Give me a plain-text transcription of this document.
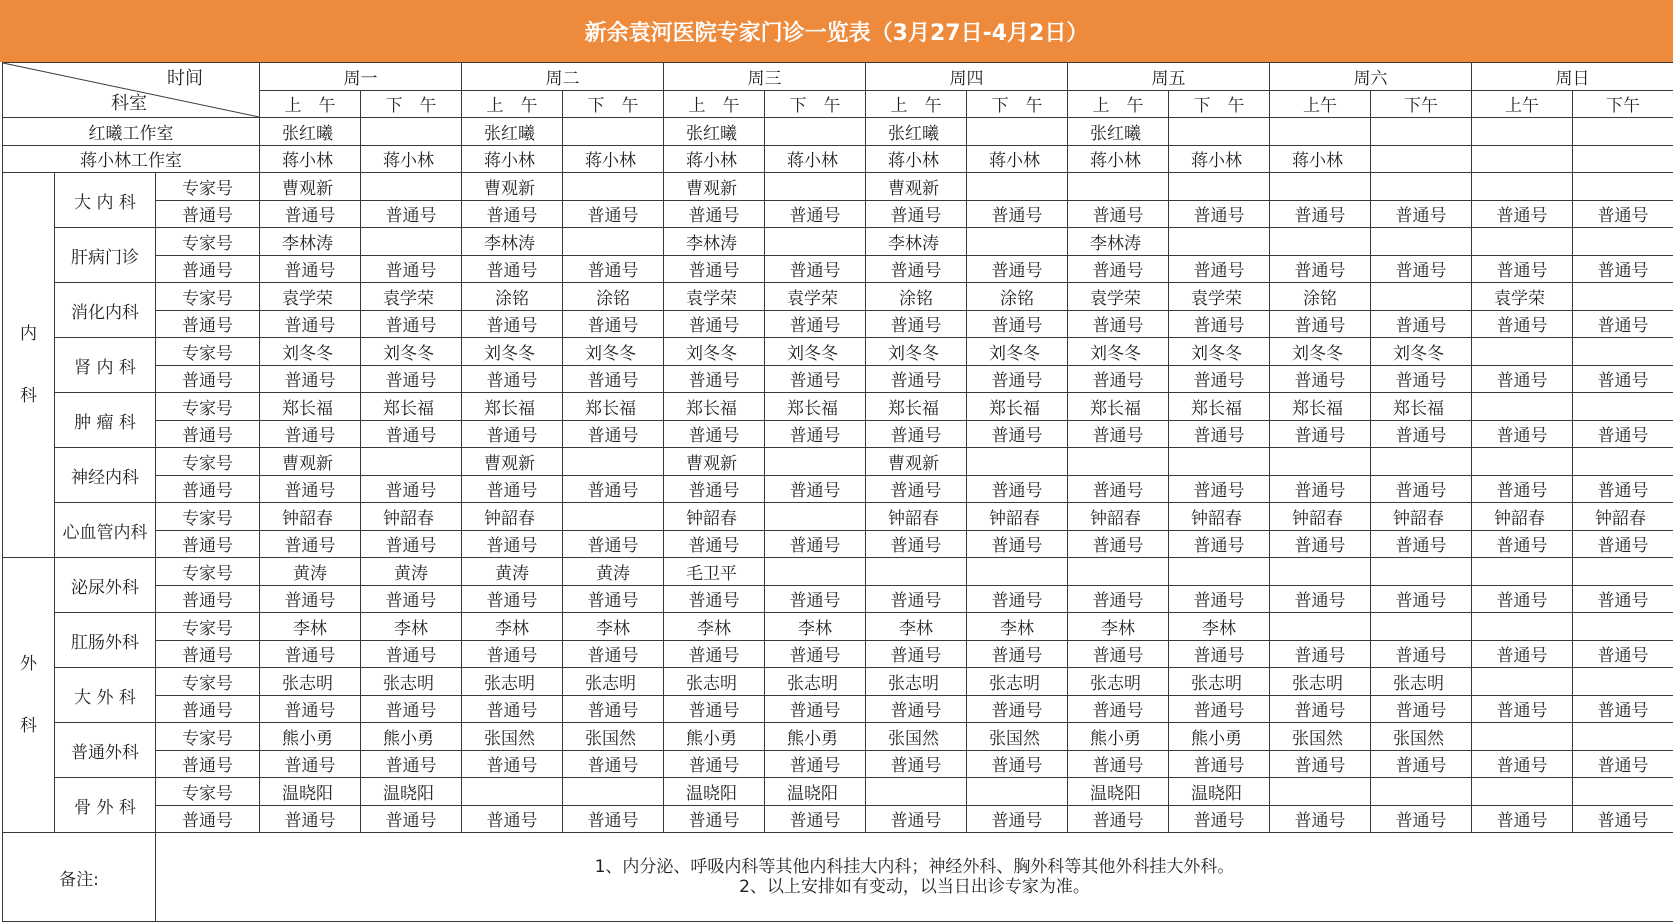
新余袁河医院专家门诊一览表（3月27日-4月2日）
时间
科室			周一		周二		周三		周四		周五		周六		周日	
			上　午	下　午	上　午	下　午	上　午	下　午	上　午	下　午	上　午	下　午	上午	下午	上午	下午
红曦工作室			张红曦		张红曦		张红曦		张红曦		张红曦					
蒋小林工作室			蒋小林	蒋小林	蒋小林	蒋小林	蒋小林	蒋小林	蒋小林	蒋小林	蒋小林	蒋小林	蒋小林			

内
科	大 内 科	专家号	曹观新		曹观新		曹观新		曹观新							
		普通号	普通号	普通号	普通号	普通号	普通号	普通号	普通号	普通号	普通号	普通号	普通号	普通号	普通号	普通号
	肝病门诊	专家号	李林涛		李林涛		李林涛		李林涛		李林涛					
		普通号	普通号	普通号	普通号	普通号	普通号	普通号	普通号	普通号	普通号	普通号	普通号	普通号	普通号	普通号
	消化内科	专家号	袁学荣	袁学荣	涂铭	涂铭	袁学荣	袁学荣	涂铭	涂铭	袁学荣	袁学荣	涂铭		袁学荣	
		普通号	普通号	普通号	普通号	普通号	普通号	普通号	普通号	普通号	普通号	普通号	普通号	普通号	普通号	普通号
	肾 内 科	专家号	刘冬冬	刘冬冬	刘冬冬	刘冬冬	刘冬冬	刘冬冬	刘冬冬	刘冬冬	刘冬冬	刘冬冬	刘冬冬	刘冬冬		
		普通号	普通号	普通号	普通号	普通号	普通号	普通号	普通号	普通号	普通号	普通号	普通号	普通号	普通号	普通号
	肿 瘤 科	专家号	郑长福	郑长福	郑长福	郑长福	郑长福	郑长福	郑长福	郑长福	郑长福	郑长福	郑长福	郑长福		
		普通号	普通号	普通号	普通号	普通号	普通号	普通号	普通号	普通号	普通号	普通号	普通号	普通号	普通号	普通号
	神经内科	专家号	曹观新		曹观新		曹观新		曹观新							
		普通号	普通号	普通号	普通号	普通号	普通号	普通号	普通号	普通号	普通号	普通号	普通号	普通号	普通号	普通号
	心血管内科	专家号	钟韶春	钟韶春	钟韶春		钟韶春		钟韶春	钟韶春	钟韶春	钟韶春	钟韶春	钟韶春	钟韶春	钟韶春
		普通号	普通号	普通号	普通号	普通号	普通号	普通号	普通号	普通号	普通号	普通号	普通号	普通号	普通号	普通号

外
科	泌尿外科	专家号	黄涛	黄涛	黄涛	黄涛	毛卫平									
		普通号	普通号	普通号	普通号	普通号	普通号	普通号	普通号	普通号	普通号	普通号	普通号	普通号	普通号	普通号
	肛肠外科	专家号	李林	李林	李林	李林	李林	李林	李林	李林	李林	李林				
		普通号	普通号	普通号	普通号	普通号	普通号	普通号	普通号	普通号	普通号	普通号	普通号	普通号	普通号	普通号
	大 外 科	专家号	张志明	张志明	张志明	张志明	张志明	张志明	张志明	张志明	张志明	张志明	张志明	张志明		
		普通号	普通号	普通号	普通号	普通号	普通号	普通号	普通号	普通号	普通号	普通号	普通号	普通号	普通号	普通号
	普通外科	专家号	熊小勇	熊小勇	张国然	张国然	熊小勇	熊小勇	张国然	张国然	熊小勇	熊小勇	张国然	张国然		
		普通号	普通号	普通号	普通号	普通号	普通号	普通号	普通号	普通号	普通号	普通号	普通号	普通号	普通号	普通号
	骨 外 科	专家号	温晓阳	温晓阳			温晓阳	温晓阳			温晓阳	温晓阳				
		普通号	普通号	普通号	普通号	普通号	普通号	普通号	普通号	普通号	普通号	普通号	普通号	普通号	普通号	普通号
备注:		1、内分泌、呼吸内科等其他内科挂大内科；神经外科、胸外科等其他外科挂大外科。
2、以上安排如有变动，以当日出诊专家为准。														
